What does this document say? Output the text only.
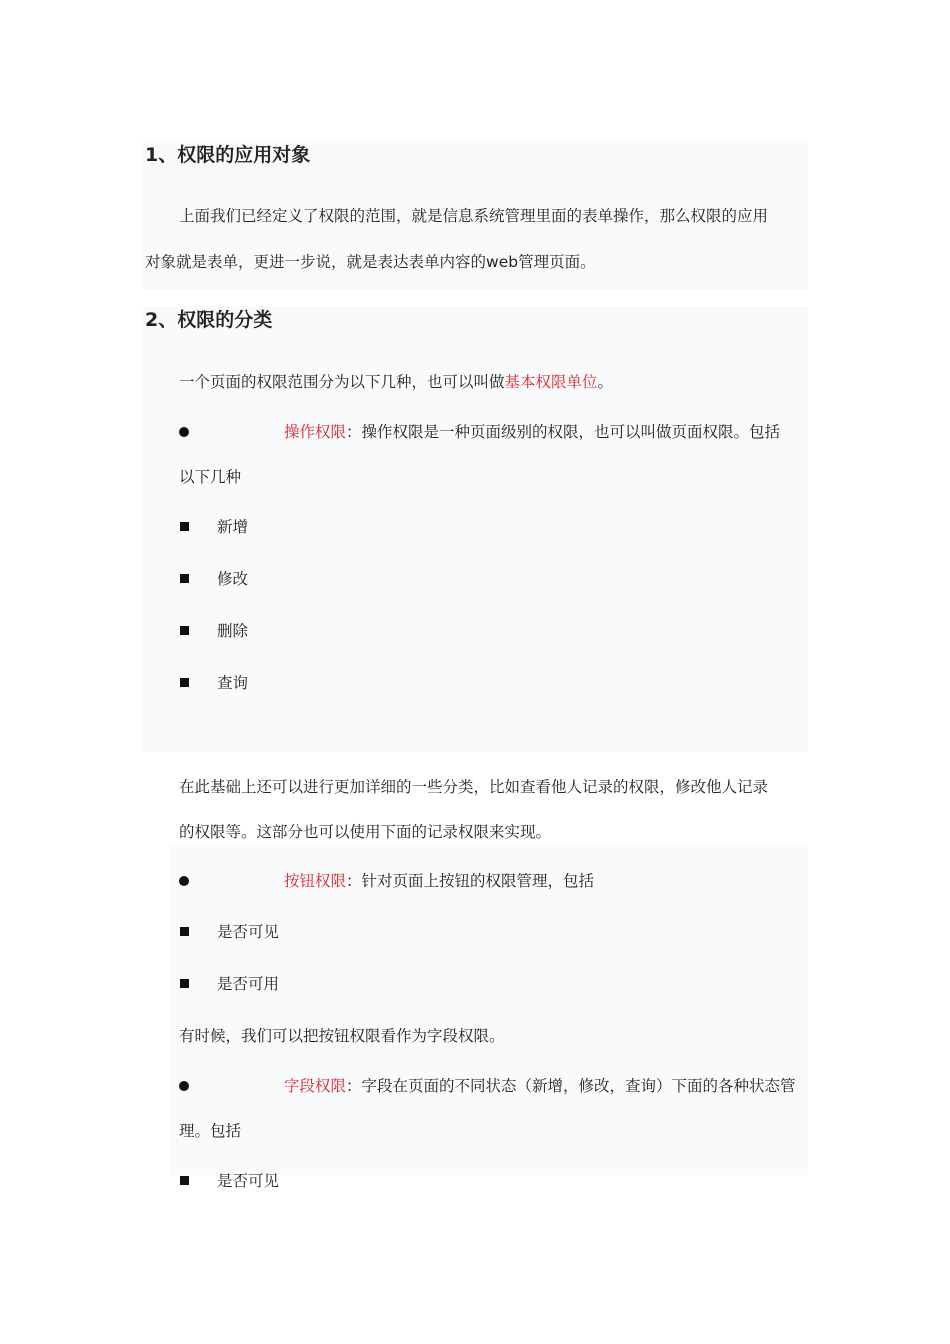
1、权限的应用对象
上面我们已经定义了权限的范围，就是信息系统管理里面的表单操作，那么权限的应用
对象就是表单，更进一步说，就是表达表单内容的web管理页面。
2、权限的分类
一个页面的权限范围分为以下几种，也可以叫做基本权限单位。
操作权限：操作权限是一种页面级别的权限，也可以叫做页面权限。包括
以下几种
新增
修改
删除
查询
在此基础上还可以进行更加详细的一些分类，比如查看他人记录的权限，修改他人记录
的权限等。这部分也可以使用下面的记录权限来实现。
按钮权限：针对页面上按钮的权限管理，包括
是否可见
是否可用
有时候，我们可以把按钮权限看作为字段权限。
字段权限：字段在页面的不同状态（新增，修改，查询）下面的各种状态管
理。包括
是否可见
